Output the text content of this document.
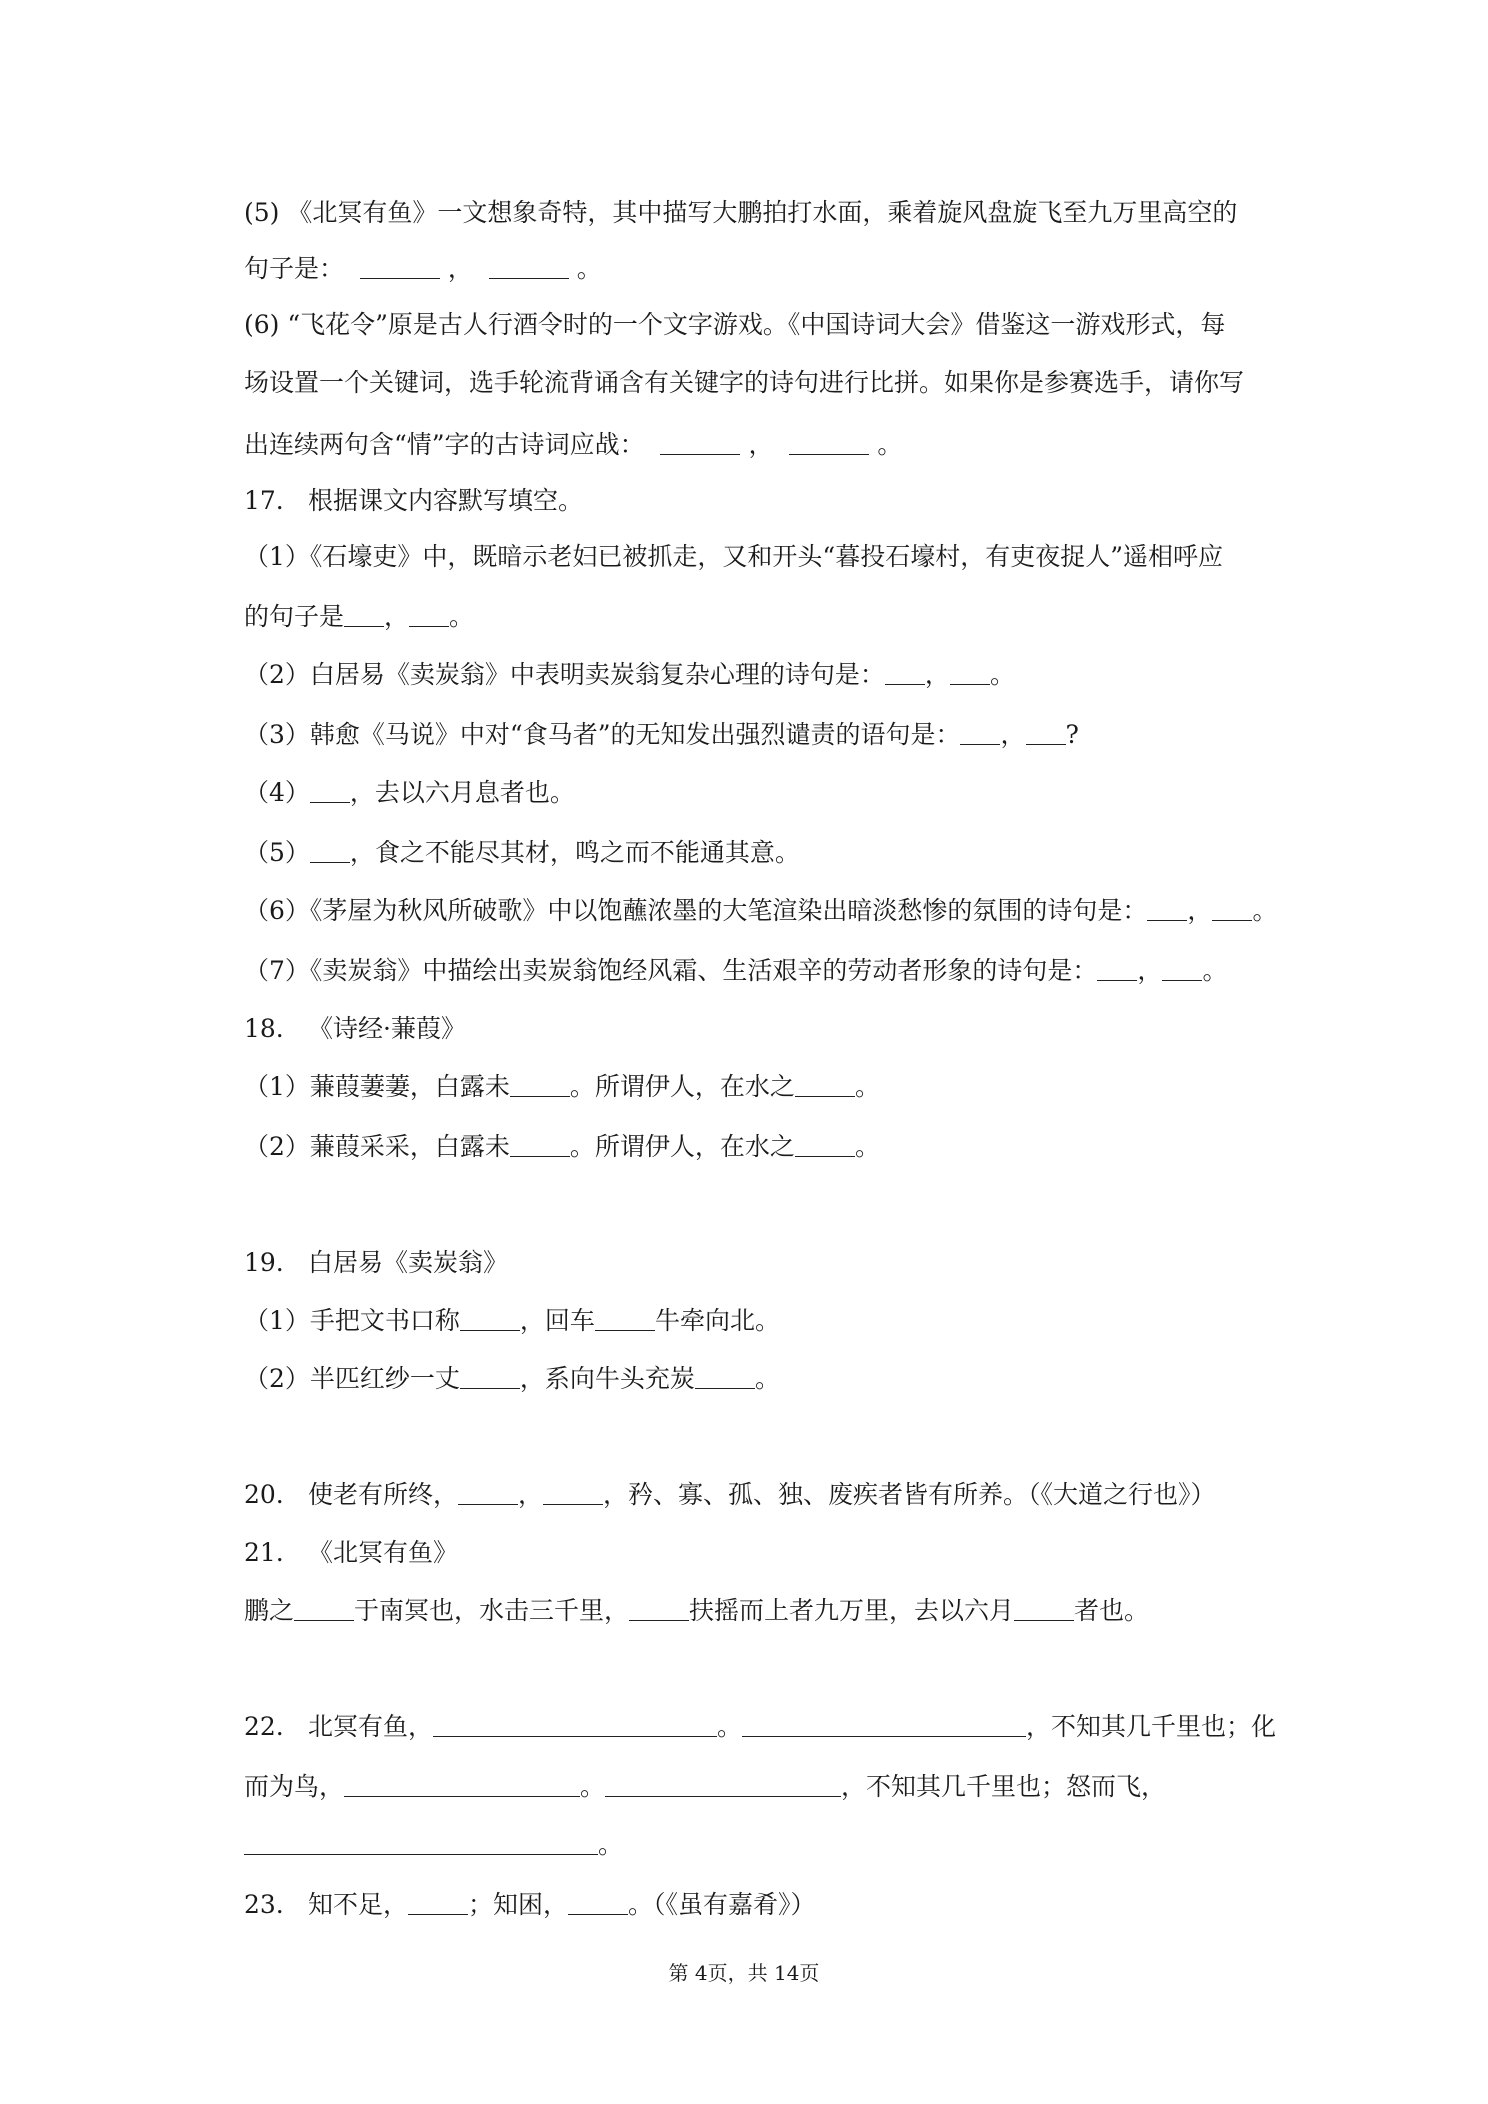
(5) 《北冥有鱼》一文想象奇特，其中描写大鹏拍打水面，乘着旋风盘旋飞至九万里高空的
句子是：	，	。
(6) “飞花令”原是古人行酒令时的一个文字游戏。《中国诗词大会》借鉴这一游戏形式，每
场设置一个关键词，选手轮流背诵含有关键字的诗句进行比拼。如果你是参赛选手，请你写
出连续两句含“情”字的古诗词应战：	，	。
17. 根据课文内容默写填空。
（1）《石壕吏》中，既暗示老妇已被抓走，又和开头“暮投石壕村，有吏夜捉人”遥相呼应
的句子是 ， 。
（2）白居易《卖炭翁》中表明卖炭翁复杂心理的诗句是： ， 。
（3）韩愈《马说》中对“食马者”的无知发出强烈谴责的语句是： ， ?
（4） ，去以六月息者也。
（5） ，食之不能尽其材，鸣之而不能通其意。
（6）《茅屋为秋风所破歌》中以饱蘸浓墨的大笔渲染出暗淡愁惨的氛围的诗句是： ， 。
（7）《卖炭翁》中描绘出卖炭翁饱经风霜、生活艰辛的劳动者形象的诗句是： ， 。
18. 《诗经·蒹葭》
（1）蒹葭萋萋，白露未 。所谓伊人，在水之 。
（2）蒹葭采采，白露未 。所谓伊人，在水之 。
19. 白居易《卖炭翁》
（1）手把文书口称 ，回车 牛牵向北。
（2）半匹红纱一丈 ，系向牛头充炭 。
20. 使老有所终， ， ，矜、寡、孤、独、废疾者皆有所养。（《大道之行也》）
21. 《北冥有鱼》
鹏之 于南冥也，水击三千里， 扶摇而上者九万里，去以六月 者也。
22. 北冥有鱼，	。	，不知其几千里也；化
而为鸟，	。	，不知其几千里也；怒而飞，
。
23. 知不足， ；知困， 。（《虽有嘉肴》）
第 4页，共 14页
